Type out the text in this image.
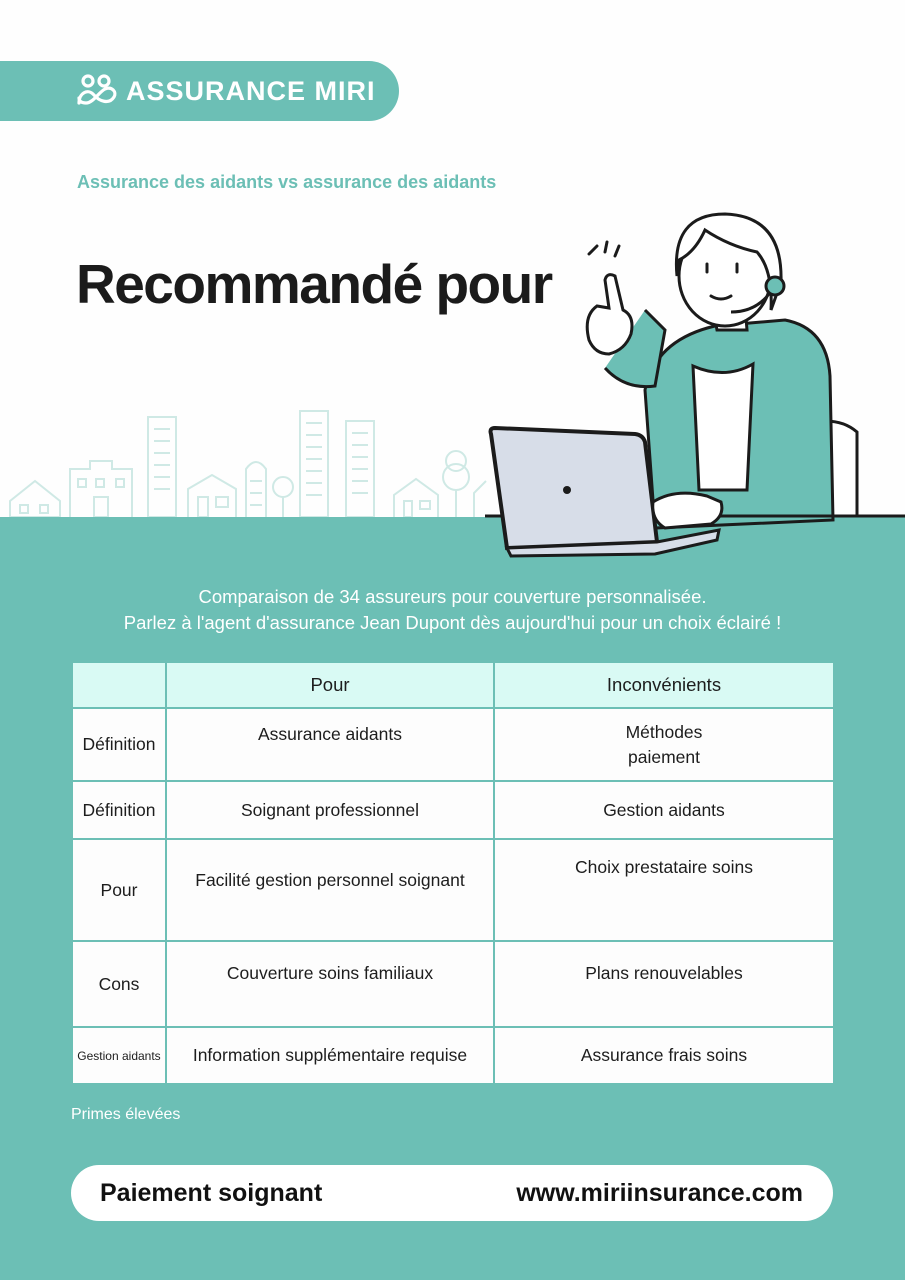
ASSURANCE MIRI
Assurance des aidants vs assurance des aidants
Recommandé pour
Comparaison de 34 assureurs pour couverture personnalisée.
Parlez à l'agent d'assurance Jean Dupont dès aujourd'hui pour un choix éclairé !
	Pour	Inconvénients
Définition	Assurance aidants	Méthodes
paiement

Définition	Soignant professionnel	Gestion aidants
Pour	Facilité gestion personnel soignant	Choix prestataire soins

Cons	Couverture soins familiaux	Plans renouvelables

Gestion aidants	Information supplémentaire requise	Assurance frais soins
Primes élevées
Paiement soignant	www.miriinsurance.com
